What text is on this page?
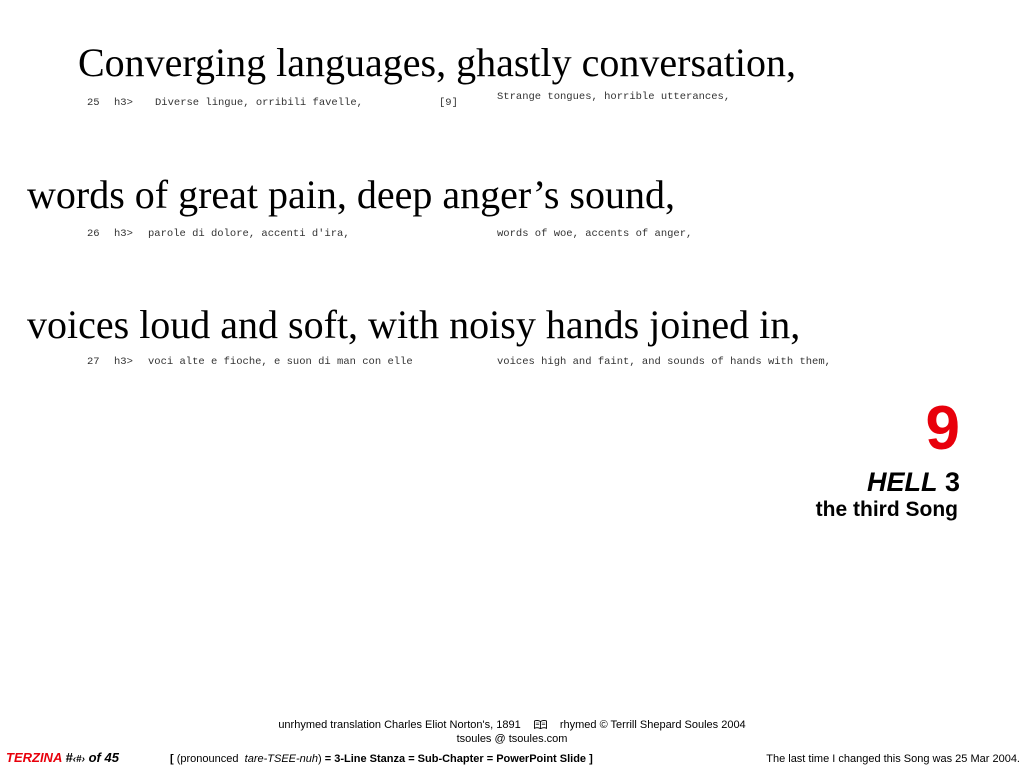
Converging languages, ghastly conversation,
25 h3> Diverse lingue, orribili favelle,	[9]	Strange tongues, horrible utterances,
words of great pain, deep anger’s sound,
26 h3> parole di dolore, accenti d'ira,	words of woe, accents of anger,
voices loud and soft, with noisy hands joined in,
27 h3> voci alte e fioche, e suon di man con elle	voices high and faint, and sounds of hands with them,
9
HELL 3
the third Song
unrhymed translation Charles Eliot Norton's, 1891	rhymed © Terrill Shepard Soules 2004
tsoules @ tsoules.com
TERZINA #‹#› of 45	[ (pronounced tare-TSEE-nuh) = 3-Line Stanza = Sub-Chapter = PowerPoint Slide ]	The last time I changed this Song was 25 Mar 2004.
